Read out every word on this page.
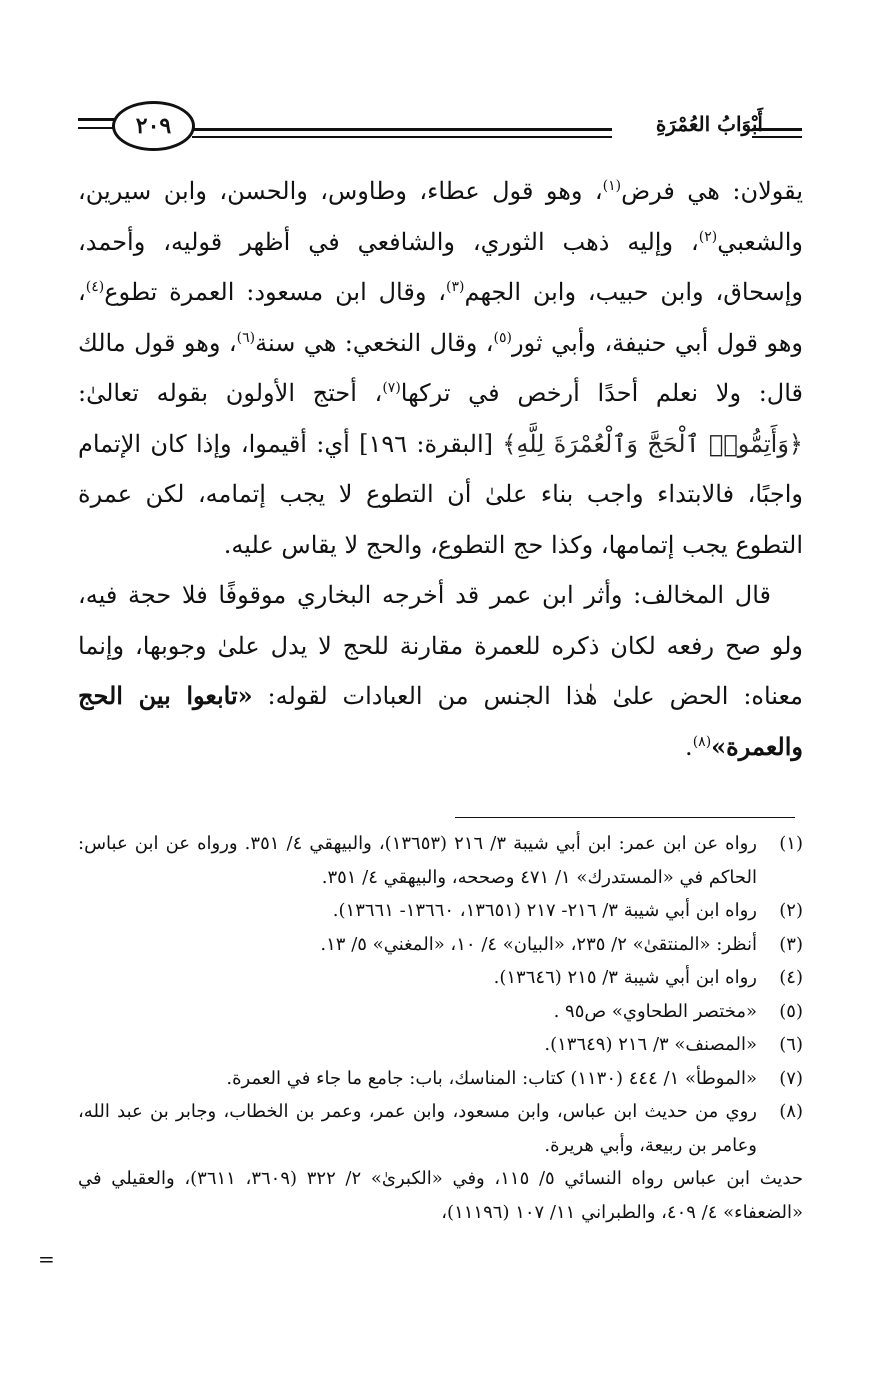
٢٠٩	أَبْوَابُ العُمْرَةِ

يقولان: هي فرض$^{(١)}$، وهو قول عطاء، وطاوس، والحسن، وابن سيرين، والشعبي$^{(٢)}$، وإليه ذهب الثوري، والشافعي في أظهر قوليه، وأحمد، وإسحاق، وابن حبيب، وابن الجهم$^{(٣)}$، وقال ابن مسعود: العمرة تطوع$^{(٤)}$، وهو قول أبي حنيفة، وأبي ثور$^{(٥)}$، وقال النخعي: هي سنة$^{(٦)}$، وهو قول مالك قال: ولا نعلم أحدًا أرخص في تركها$^{(٧)}$، أحتج الأولون بقوله تعالىٰ: ﴿وَأَتِمُّوا۟ ٱلْحَجَّ وَٱلْعُمْرَةَ لِلَّهِ﴾ [البقرة: ١٩٦] أي: أقيموا، وإذا كان الإتمام واجبًا، فالابتداء واجب بناء علىٰ أن التطوع لا يجب إتمامه، لكن عمرة التطوع يجب إتمامها، وكذا حج التطوع، والحج لا يقاس عليه.

قال المخالف: وأثر ابن عمر قد أخرجه البخاري موقوفًا فلا حجة فيه، ولو صح رفعه لكان ذكره للعمرة مقارنة للحج لا يدل علىٰ وجوبها، وإنما معناه: الحض علىٰ هٰذا الجنس من العبادات لقوله: «تابعوا بين الحج والعمرة»$^{(٨)}$.

(١)
رواه عن ابن عمر: ابن أبي شيبة ٣/ ٢١٦ (١٣٦٥٣)، والبيهقي ٤/ ٣٥١. ورواه عن ابن عباس: الحاكم في «المستدرك» ١/ ٤٧١ وصححه، والبيهقي ٤/ ٣٥١.
(٢)
رواه ابن أبي شيبة ٣/ ٢١٦- ٢١٧ (١٣٦٥١، ١٣٦٦٠- ١٣٦٦١).
(٣)
أنظر: «المنتقىٰ» ٢/ ٢٣٥، «البيان» ٤/ ١٠، «المغني» ٥/ ١٣.
(٤)
رواه ابن أبي شيبة ٣/ ٢١٥ (١٣٦٤٦).
(٥)
«مختصر الطحاوي» ص٩٥ .
(٦)
«المصنف» ٣/ ٢١٦ (١٣٦٤٩).
(٧)
«الموطأ» ١/ ٤٤٤ (١١٣٠) كتاب: المناسك، باب: جامع ما جاء في العمرة.
(٨)
روي من حديث ابن عباس، وابن مسعود، وابن عمر، وعمر بن الخطاب، وجابر بن عبد الله، وعامر بن ربيعة، وأبي هريرة.
حديث ابن عباس رواه النسائي ٥/ ١١٥، وفي «الكبرىٰ» ٢/ ٣٢٢ (٣٦٠٩، ٣٦١١)، والعقيلي في «الضعفاء» ٤/ ٤٠٩، والطبراني ١١/ ١٠٧ (١١١٩٦)،
=
